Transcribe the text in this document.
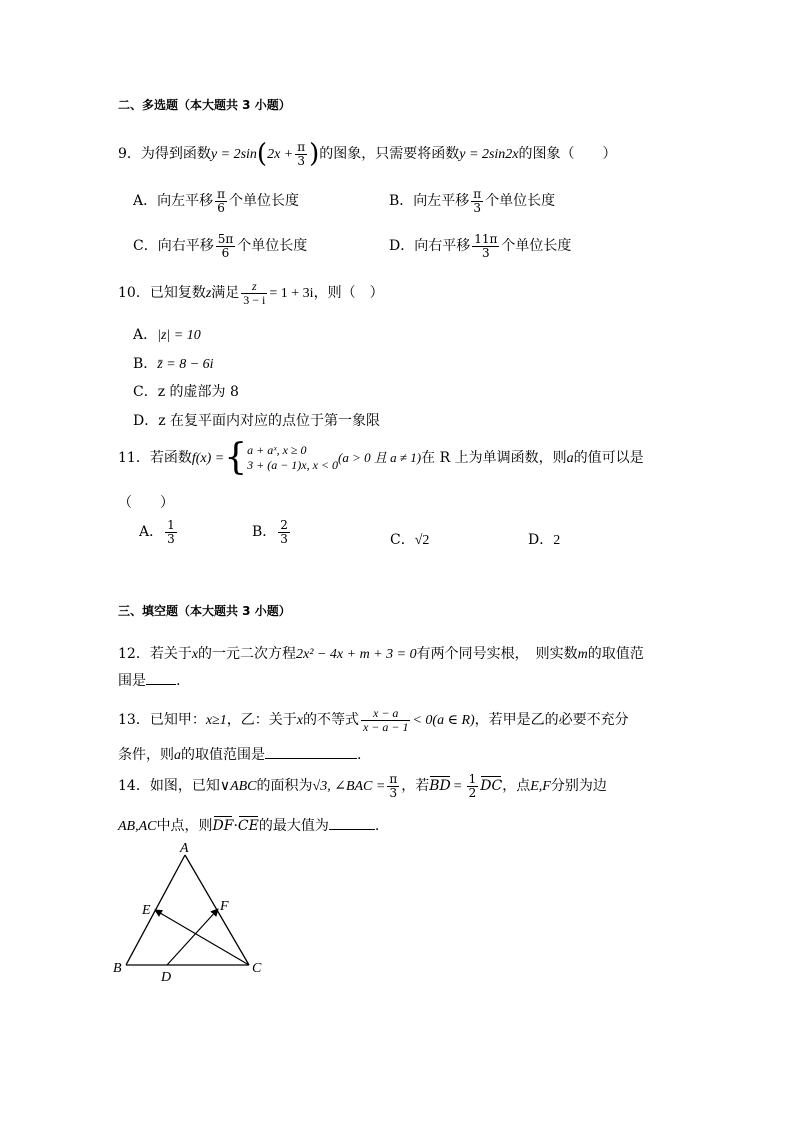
二、多选题（本大题共 3 小题）
9．为得到函数$y = 2\sin(2x + \frac{\pi}{3}$ )的图象，只需要将函数y = 2sin2x的图象（　　）
A．向左平移 $\frac{\pi}{6}$ 个单位长度	B．向左平移 $\frac{\pi}{3}$ 个单位长度
C．向右平移 $\frac{5\pi}{6}$ 个单位长度	D．向右平移 $\frac{11\pi}{3}$ 个单位长度
10．已知复数z满足 $\frac{z}{3 - i} = 1 + 3i$，则（　）
A．|z| = 10
B．z̄ = 8 − 6i
C．z 的虚部为 8
D．z 在复平面内对应的点位于第一象限
11．若函数f(x) ={ a + aˣ, x ≥ 0
3 + (a − 1)x, x < 0 (a > 0 且 a ≠ 1)在 R 上为单调函数，则a的值可以是
（　　）
A． $\frac{1}{3}$	B． $\frac{2}{3}$	C．√2	D．2
三、填空题（本大题共 3 小题）
12．若关于x的一元二次方程2x² − 4x + m + 3 = 0有两个同号实根，　则实数m的取值范
围是 .
13．已知甲：x≥1，乙：关于x的不等式 $\frac{x - a}{x - a - 1} < 0(a$ ∈ R)，若甲是乙的必要不充分
条件，则a的取值范围是	.
14．如图，已知∨ABC的面积为√3, ∠BAC = $\frac{\pi}{3}$ ，若BD = $\frac{1}{2}$ DC，点E,F分别为边
AB,AC中点，则DF·CE的最大值为	.
A
B	C
D
E	F
